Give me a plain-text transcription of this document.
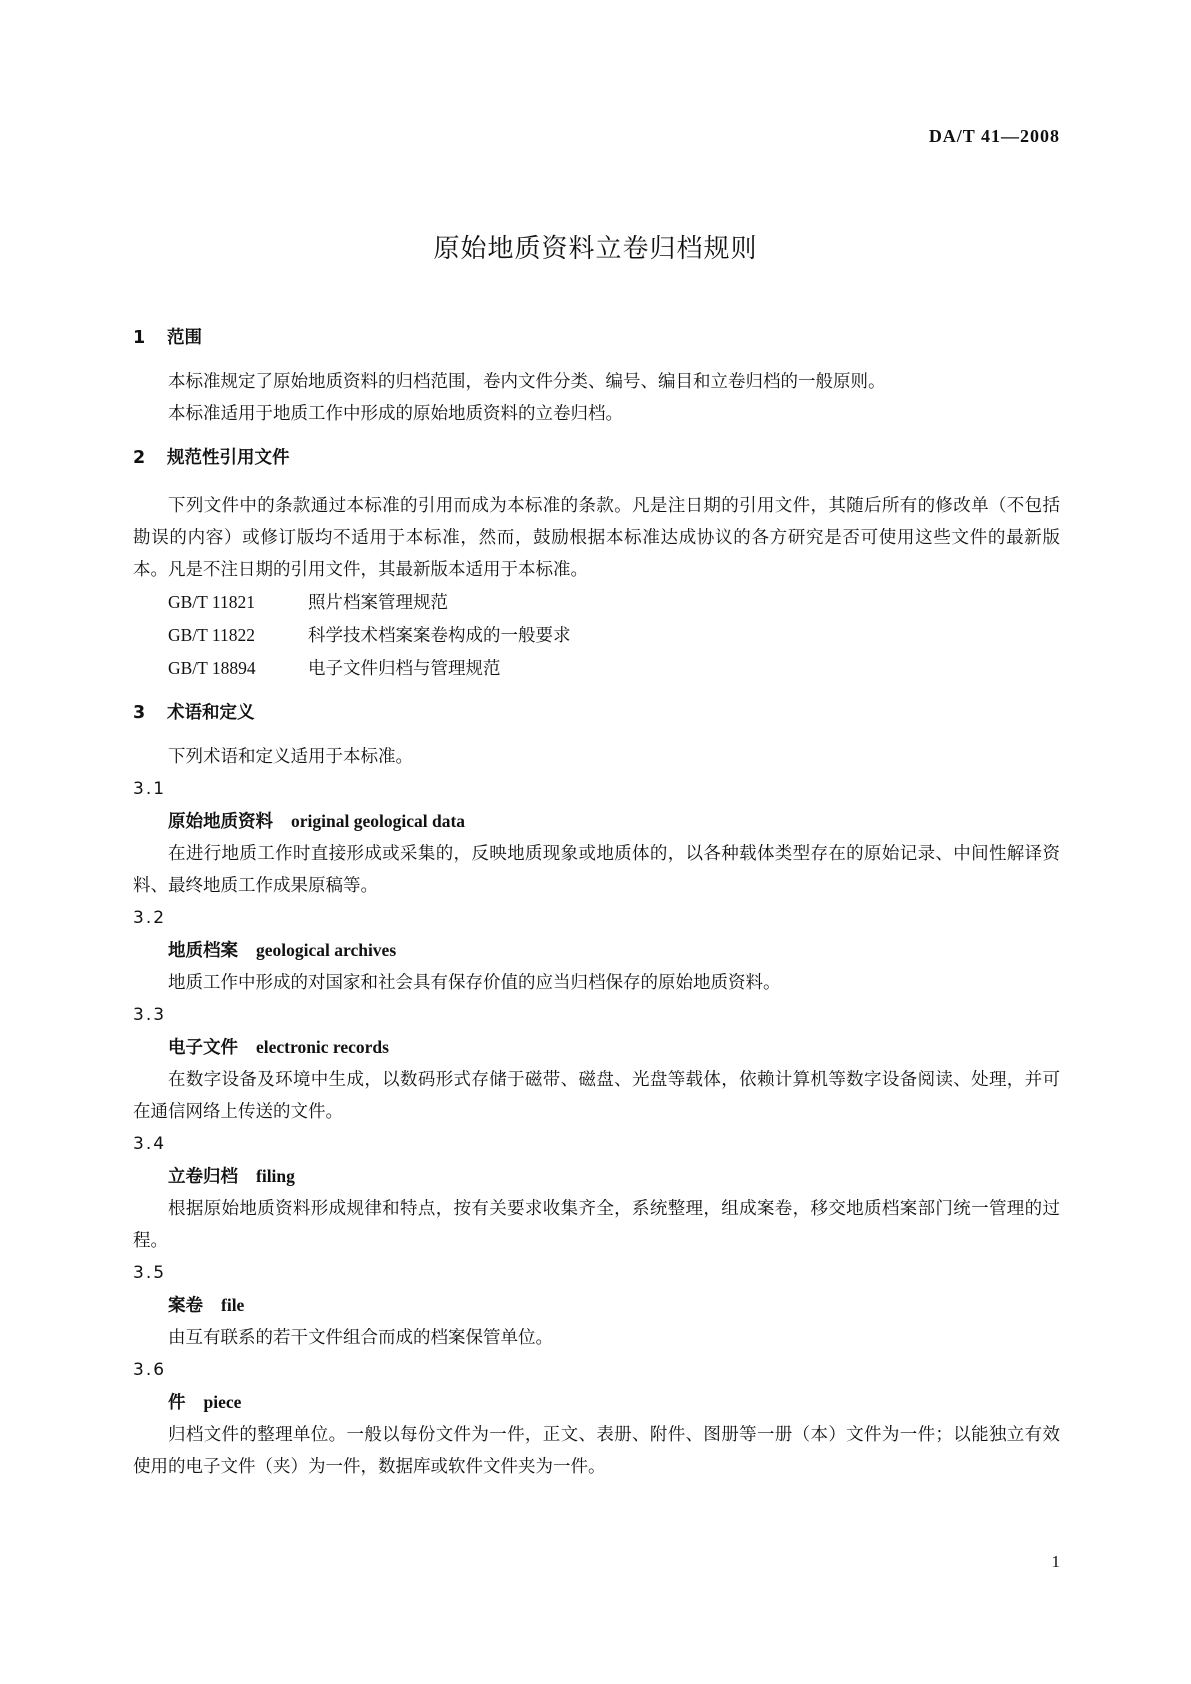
DA/T 41—2008
原始地质资料立卷归档规则
1 范围

本标准规定了原始地质资料的归档范围，卷内文件分类、编号、编目和立卷归档的一般原则。

本标准适用于地质工作中形成的原始地质资料的立卷归档。

2 规范性引用文件

下列文件中的条款通过本标准的引用而成为本标准的条款。凡是注日期的引用文件，其随后所有的修改单（不包括勘误的内容）或修订版均不适用于本标准，然而，鼓励根据本标准达成协议的各方研究是否可使用这些文件的最新版本。凡是不注日期的引用文件，其最新版本适用于本标准。

GB/T 11821	照片档案管理规范
GB/T 11822	科学技术档案案卷构成的一般要求
GB/T 18894	电子文件归档与管理规范
3 术语和定义

下列术语和定义适用于本标准。

3.1
原始地质资料 original geological data

在进行地质工作时直接形成或采集的，反映地质现象或地质体的，以各种载体类型存在的原始记录、中间性解译资料、最终地质工作成果原稿等。

3.2
地质档案 geological archives

地质工作中形成的对国家和社会具有保存价值的应当归档保存的原始地质资料。

3.3
电子文件 electronic records

在数字设备及环境中生成，以数码形式存储于磁带、磁盘、光盘等载体，依赖计算机等数字设备阅读、处理，并可在通信网络上传送的文件。

3.4
立卷归档 filing

根据原始地质资料形成规律和特点，按有关要求收集齐全，系统整理，组成案卷，移交地质档案部门统一管理的过程。

3.5
案卷 file

由互有联系的若干文件组合而成的档案保管单位。

3.6
件 piece

归档文件的整理单位。一般以每份文件为一件，正文、表册、附件、图册等一册（本）文件为一件；以能独立有效使用的电子文件（夹）为一件，数据库或软件文件夹为一件。

1
